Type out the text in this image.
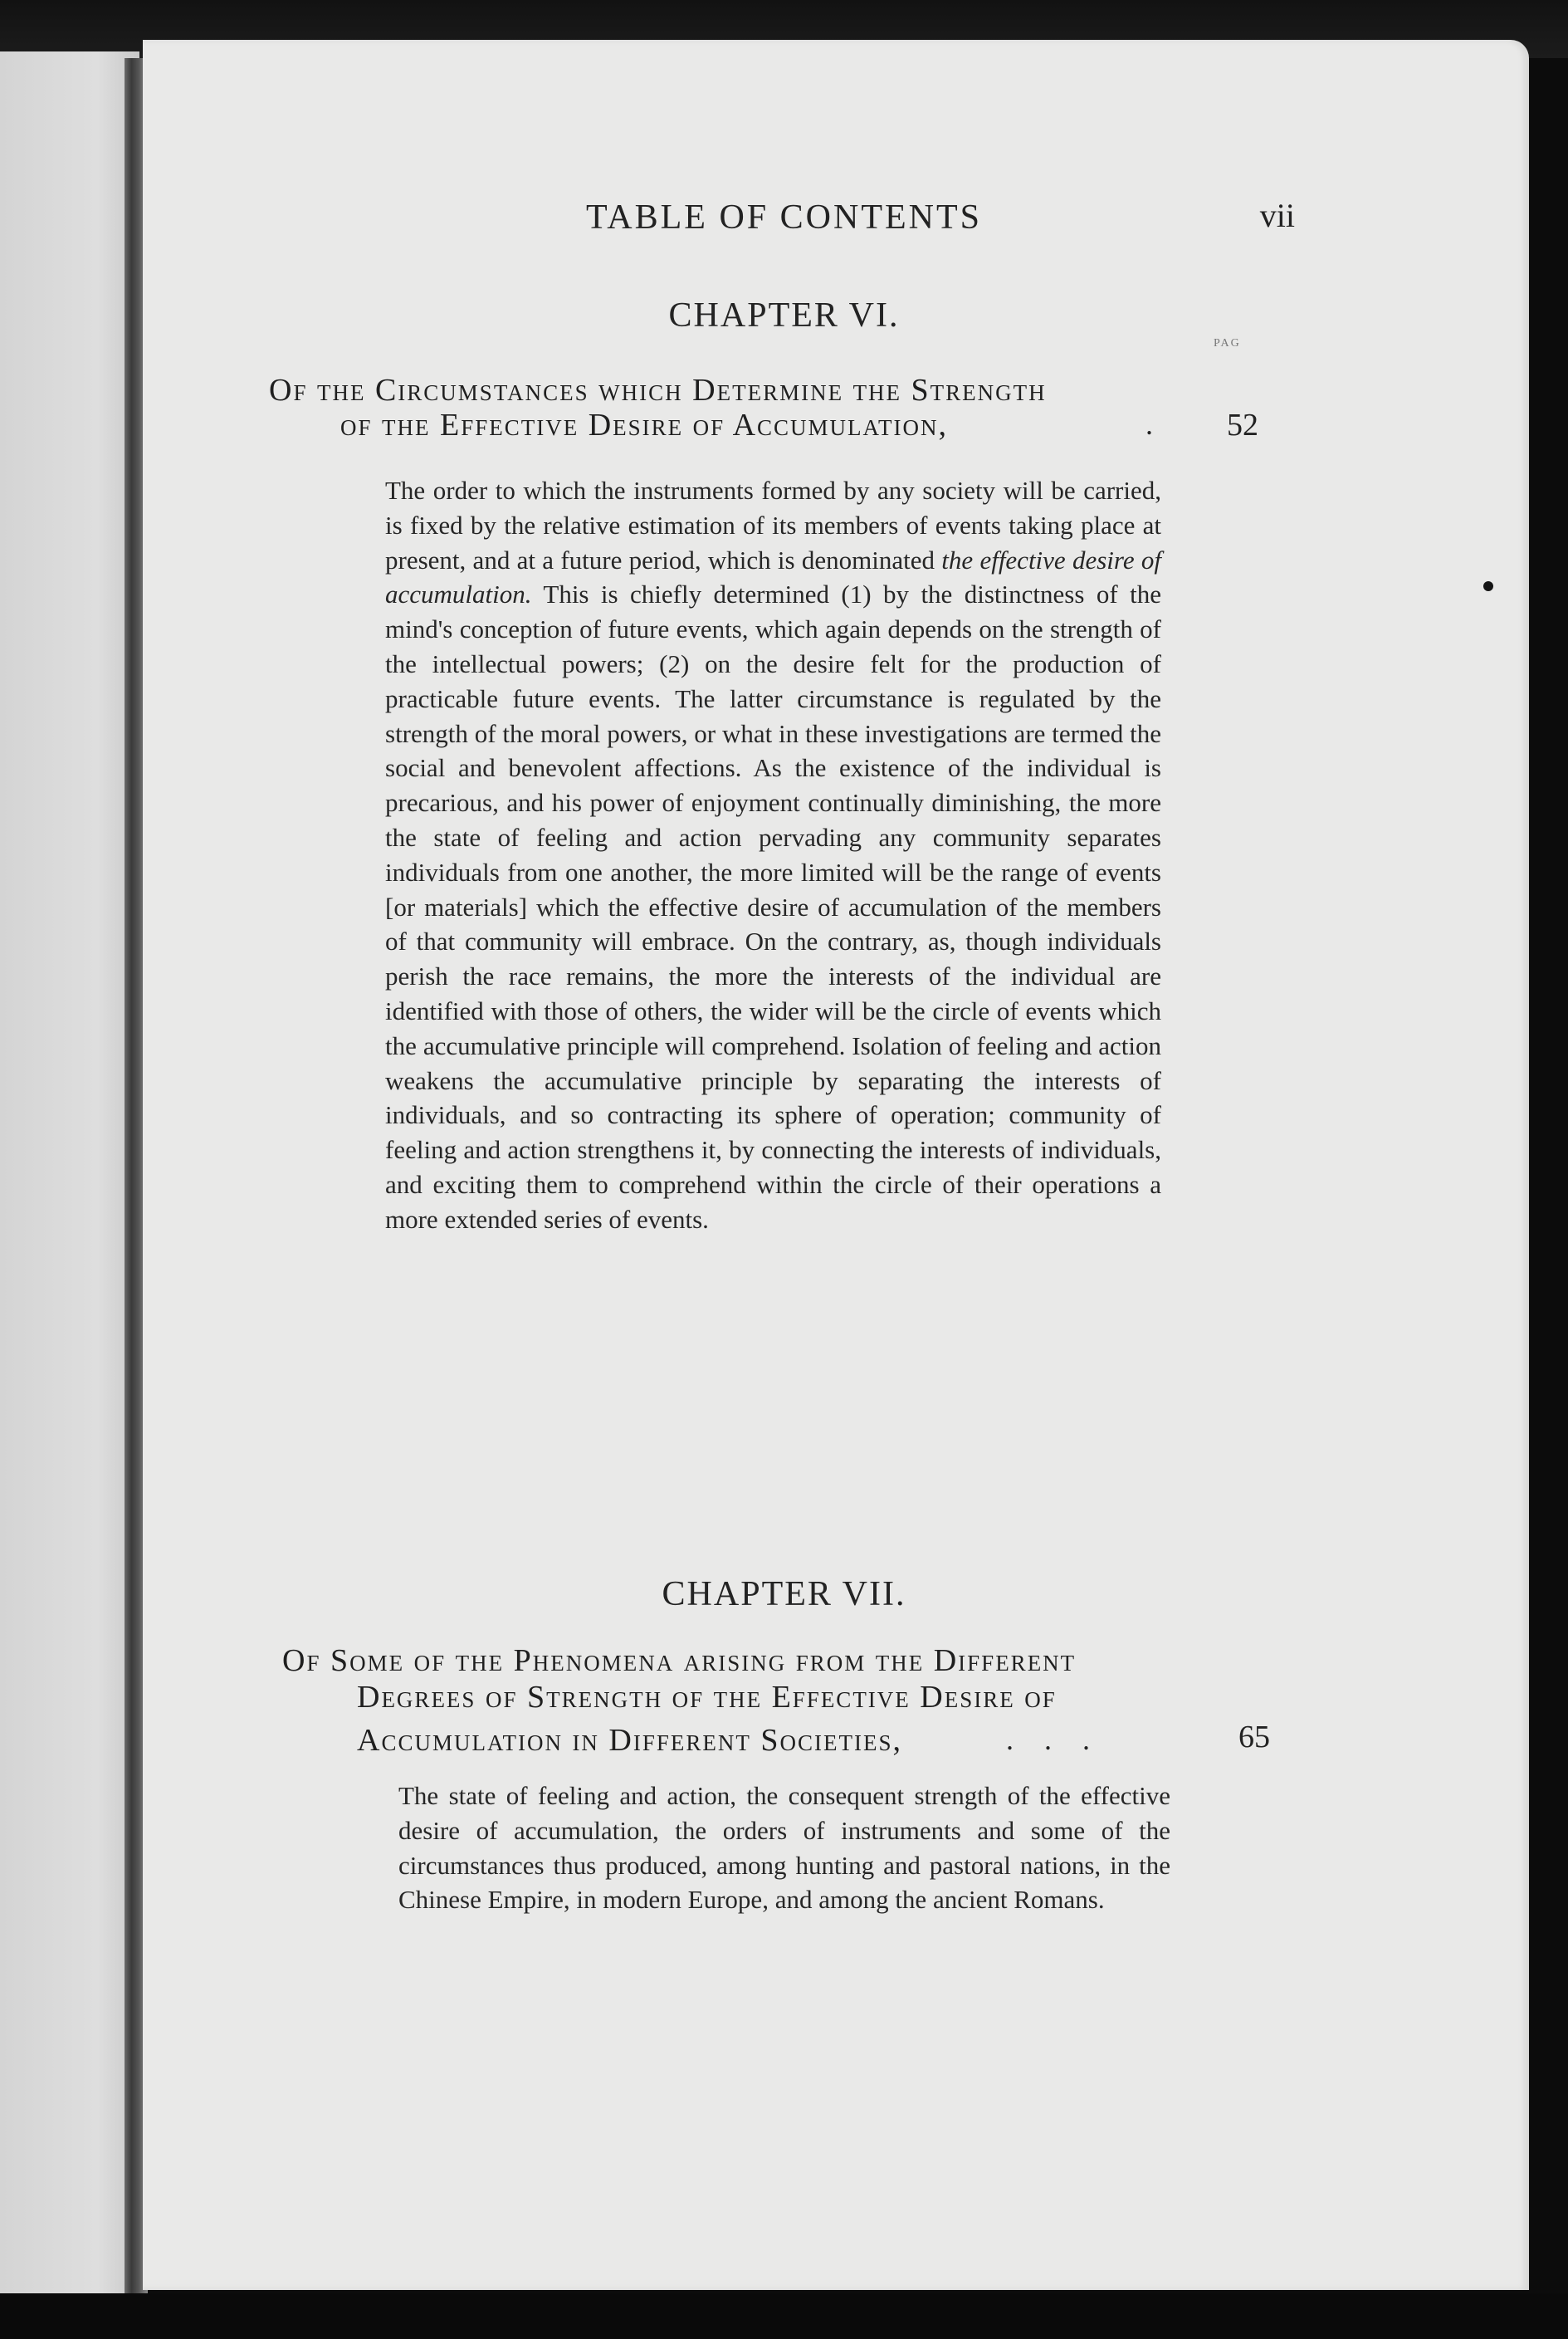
TABLE OF CONTENTS	vii
CHAPTER VI.
PAG
Of the Circumstances which Determine the Strength
of the Effective Desire of Accumulation,	. 52

The order to which the instruments formed by any society will be carried, is fixed by the relative estimation of its members of events taking place at present, and at a future period, which is denominated the effective desire of accumulation. This is chiefly determined (1) by the distinctness of the mind's conception of future events, which again depends on the strength of the intellectual powers; (2) on the desire felt for the production of practicable future events. The latter circumstance is regulated by the strength of the moral powers, or what in these investigations are termed the social and benevolent affections. As the existence of the individual is precarious, and his power of enjoyment continually diminishing, the more the state of feeling and action pervading any community separates individuals from one another, the more limited will be the range of events [or materials] which the effective desire of accumulation of the members of that community will embrace. On the contrary, as, though individuals perish the race remains, the more the interests of the individual are identified with those of others, the wider will be the circle of events which the accumulative principle will comprehend. Isolation of feeling and action weakens the accumulative principle by separating the interests of individuals, and so contracting its sphere of operation; community of feeling and action strengthens it, by connecting the interests of individuals, and exciting them to comprehend within the circle of their operations a more extended series of events.

CHAPTER VII.
Of Some of the Phenomena arising from the Different
Degrees of Strength of the Effective Desire of
Accumulation in Different Societies,	. . .	65

The state of feeling and action, the consequent strength of the effective desire of accumulation, the orders of instruments and some of the circumstances thus produced, among hunting and pastoral nations, in the Chinese Empire, in modern Europe, and among the ancient Romans.
